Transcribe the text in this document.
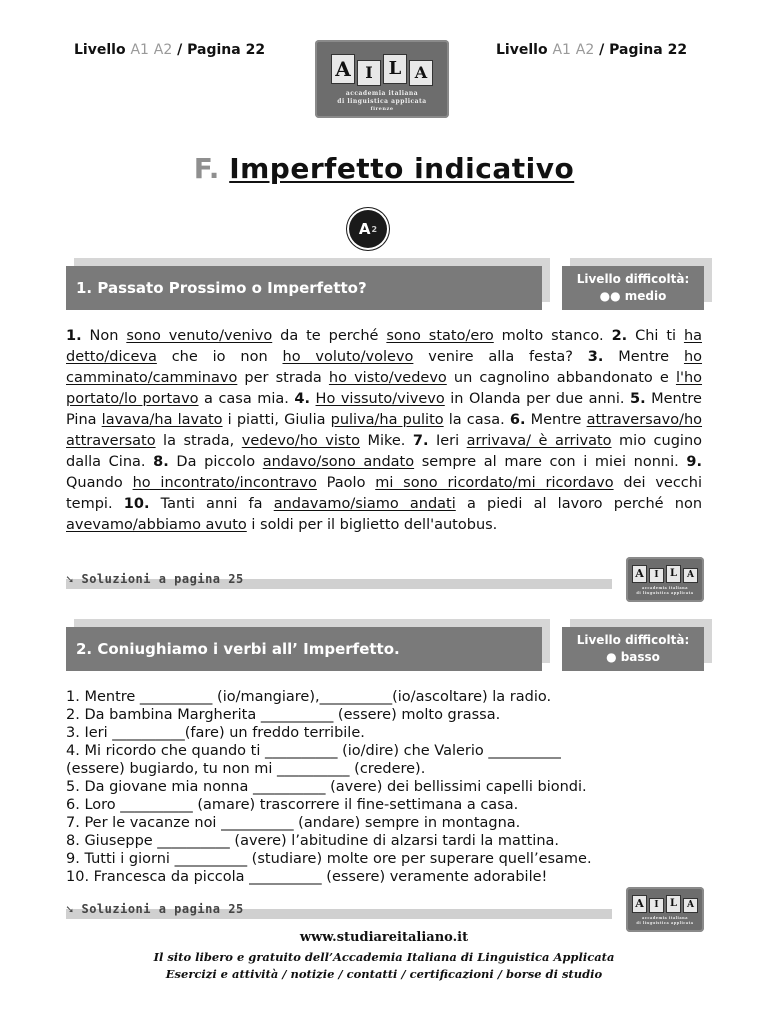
Livello A1 A2 / Pagina 22	Livello A1 A2 / Pagina 22
A I L A
accademia italiana
di linguistica applicata
firenze
F. Imperfetto indicativo
A 2
1. Passato Prossimo o Imperfetto?	Livello difficoltà:
●● medio
1. Non sono venuto/venivo da te perché sono stato/ero molto stanco. 2. Chi ti ha detto/diceva che io non ho voluto/volevo venire alla festa? 3. Mentre ho camminato/camminavo per strada ho visto/vedevo un cagnolino abbandonato e l'ho portato/lo portavo a casa mia. 4. Ho vissuto/vivevo in Olanda per due anni. 5. Mentre Pina lavava/ha lavato i piatti, Giulia puliva/ha pulito la casa. 6. Mentre attraversavo/ho attraversato la strada, vedevo/ho visto Mike. 7. Ieri arrivava/ è arrivato mio cugino dalla Cina. 8. Da piccolo andavo/sono andato sempre al mare con i miei nonni. 9. Quando ho incontrato/incontravo Paolo mi sono ricordato/mi ricordavo dei vecchi tempi. 10. Tanti anni fa andavamo/siamo andati a piedi al lavoro perché non avevamo/abbiamo avuto i soldi per il biglietto dell'autobus.
➘ Soluzioni a pagina 25	A	I	L	A
accademia italiana
di linguistica applicata
2. Coniughiamo i verbi all’ Imperfetto.	Livello difficoltà:
● basso
1. Mentre __________ (io/mangiare),__________(io/ascoltare) la radio.
2. Da bambina Margherita __________ (essere) molto grassa.
3. Ieri __________(fare) un freddo terribile.
4. Mi ricordo che quando ti __________ (io/dire) che Valerio __________
(essere) bugiardo, tu non mi __________ (credere).
5. Da giovane mia nonna __________ (avere) dei bellissimi capelli biondi.
6. Loro __________ (amare) trascorrere il fine-settimana a casa.
7. Per le vacanze noi __________ (andare) sempre in montagna.
8. Giuseppe __________ (avere) l’abitudine di alzarsi tardi la mattina.
9. Tutti i giorni __________ (studiare) molte ore per superare quell’esame.
10. Francesca da piccola __________ (essere) veramente adorabile!
➘ Soluzioni a pagina 25	A	I	L	A
accademia italiana
di linguistica applicata
www.studiareitaliano.it
Il sito libero e gratuito dell’Accademia Italiana di Linguistica Applicata
Esercizi e attività / notizie / contatti / certificazioni / borse di studio
